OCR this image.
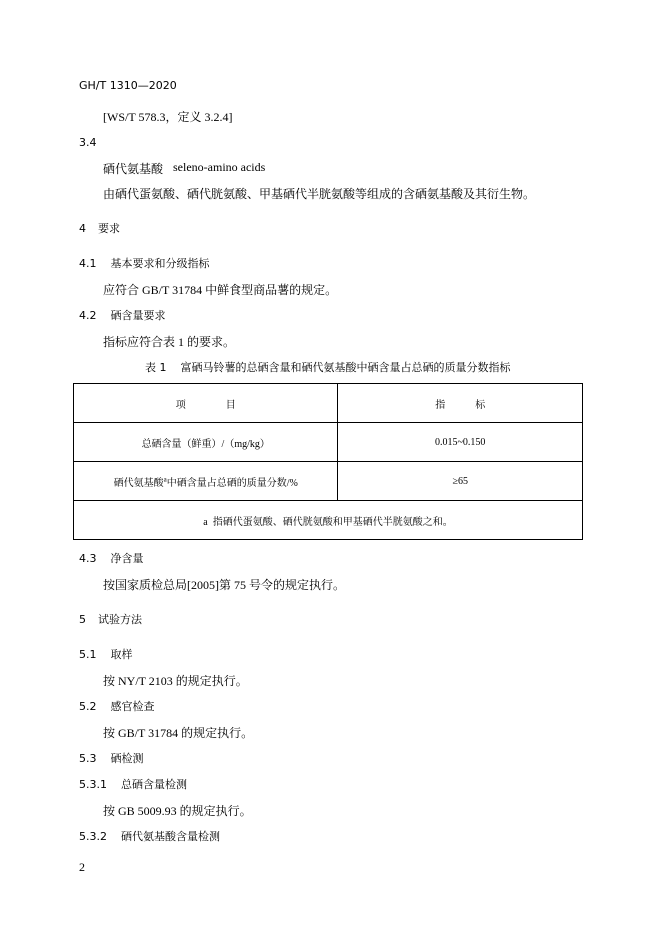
GH/T 1310—2020
[WS/T 578.3，定义 3.2.4]
3.4
硒代氨基酸 seleno-amino acids
由硒代蛋氨酸、硒代胱氨酸、甲基硒代半胱氨酸等组成的含硒氨基酸及其衍生物。
4 要求
4.1 基本要求和分级指标
应符合 GB/T 31784 中鲜食型商品薯的规定。
4.2 硒含量要求
指标应符合表 1 的要求。
表 1 富硒马铃薯的总硒含量和硒代氨基酸中硒含量占总硒的质量分数指标
项　　　　目	指　　　标
总硒含量（鲜重）/（mg/kg）	0.015~0.150
硒代氨基酸$^a$中硒含量占总硒的质量分数/%	≥65
a 指硒代蛋氨酸、硒代胱氨酸和甲基硒代半胱氨酸之和。	
4.3 净含量
按国家质检总局[2005]第 75 号令的规定执行。
5 试验方法
5.1 取样
按 NY/T 2103 的规定执行。
5.2 感官检查
按 GB/T 31784 的规定执行。
5.3 硒检测
5.3.1 总硒含量检测
按 GB 5009.93 的规定执行。
5.3.2 硒代氨基酸含量检测
2
